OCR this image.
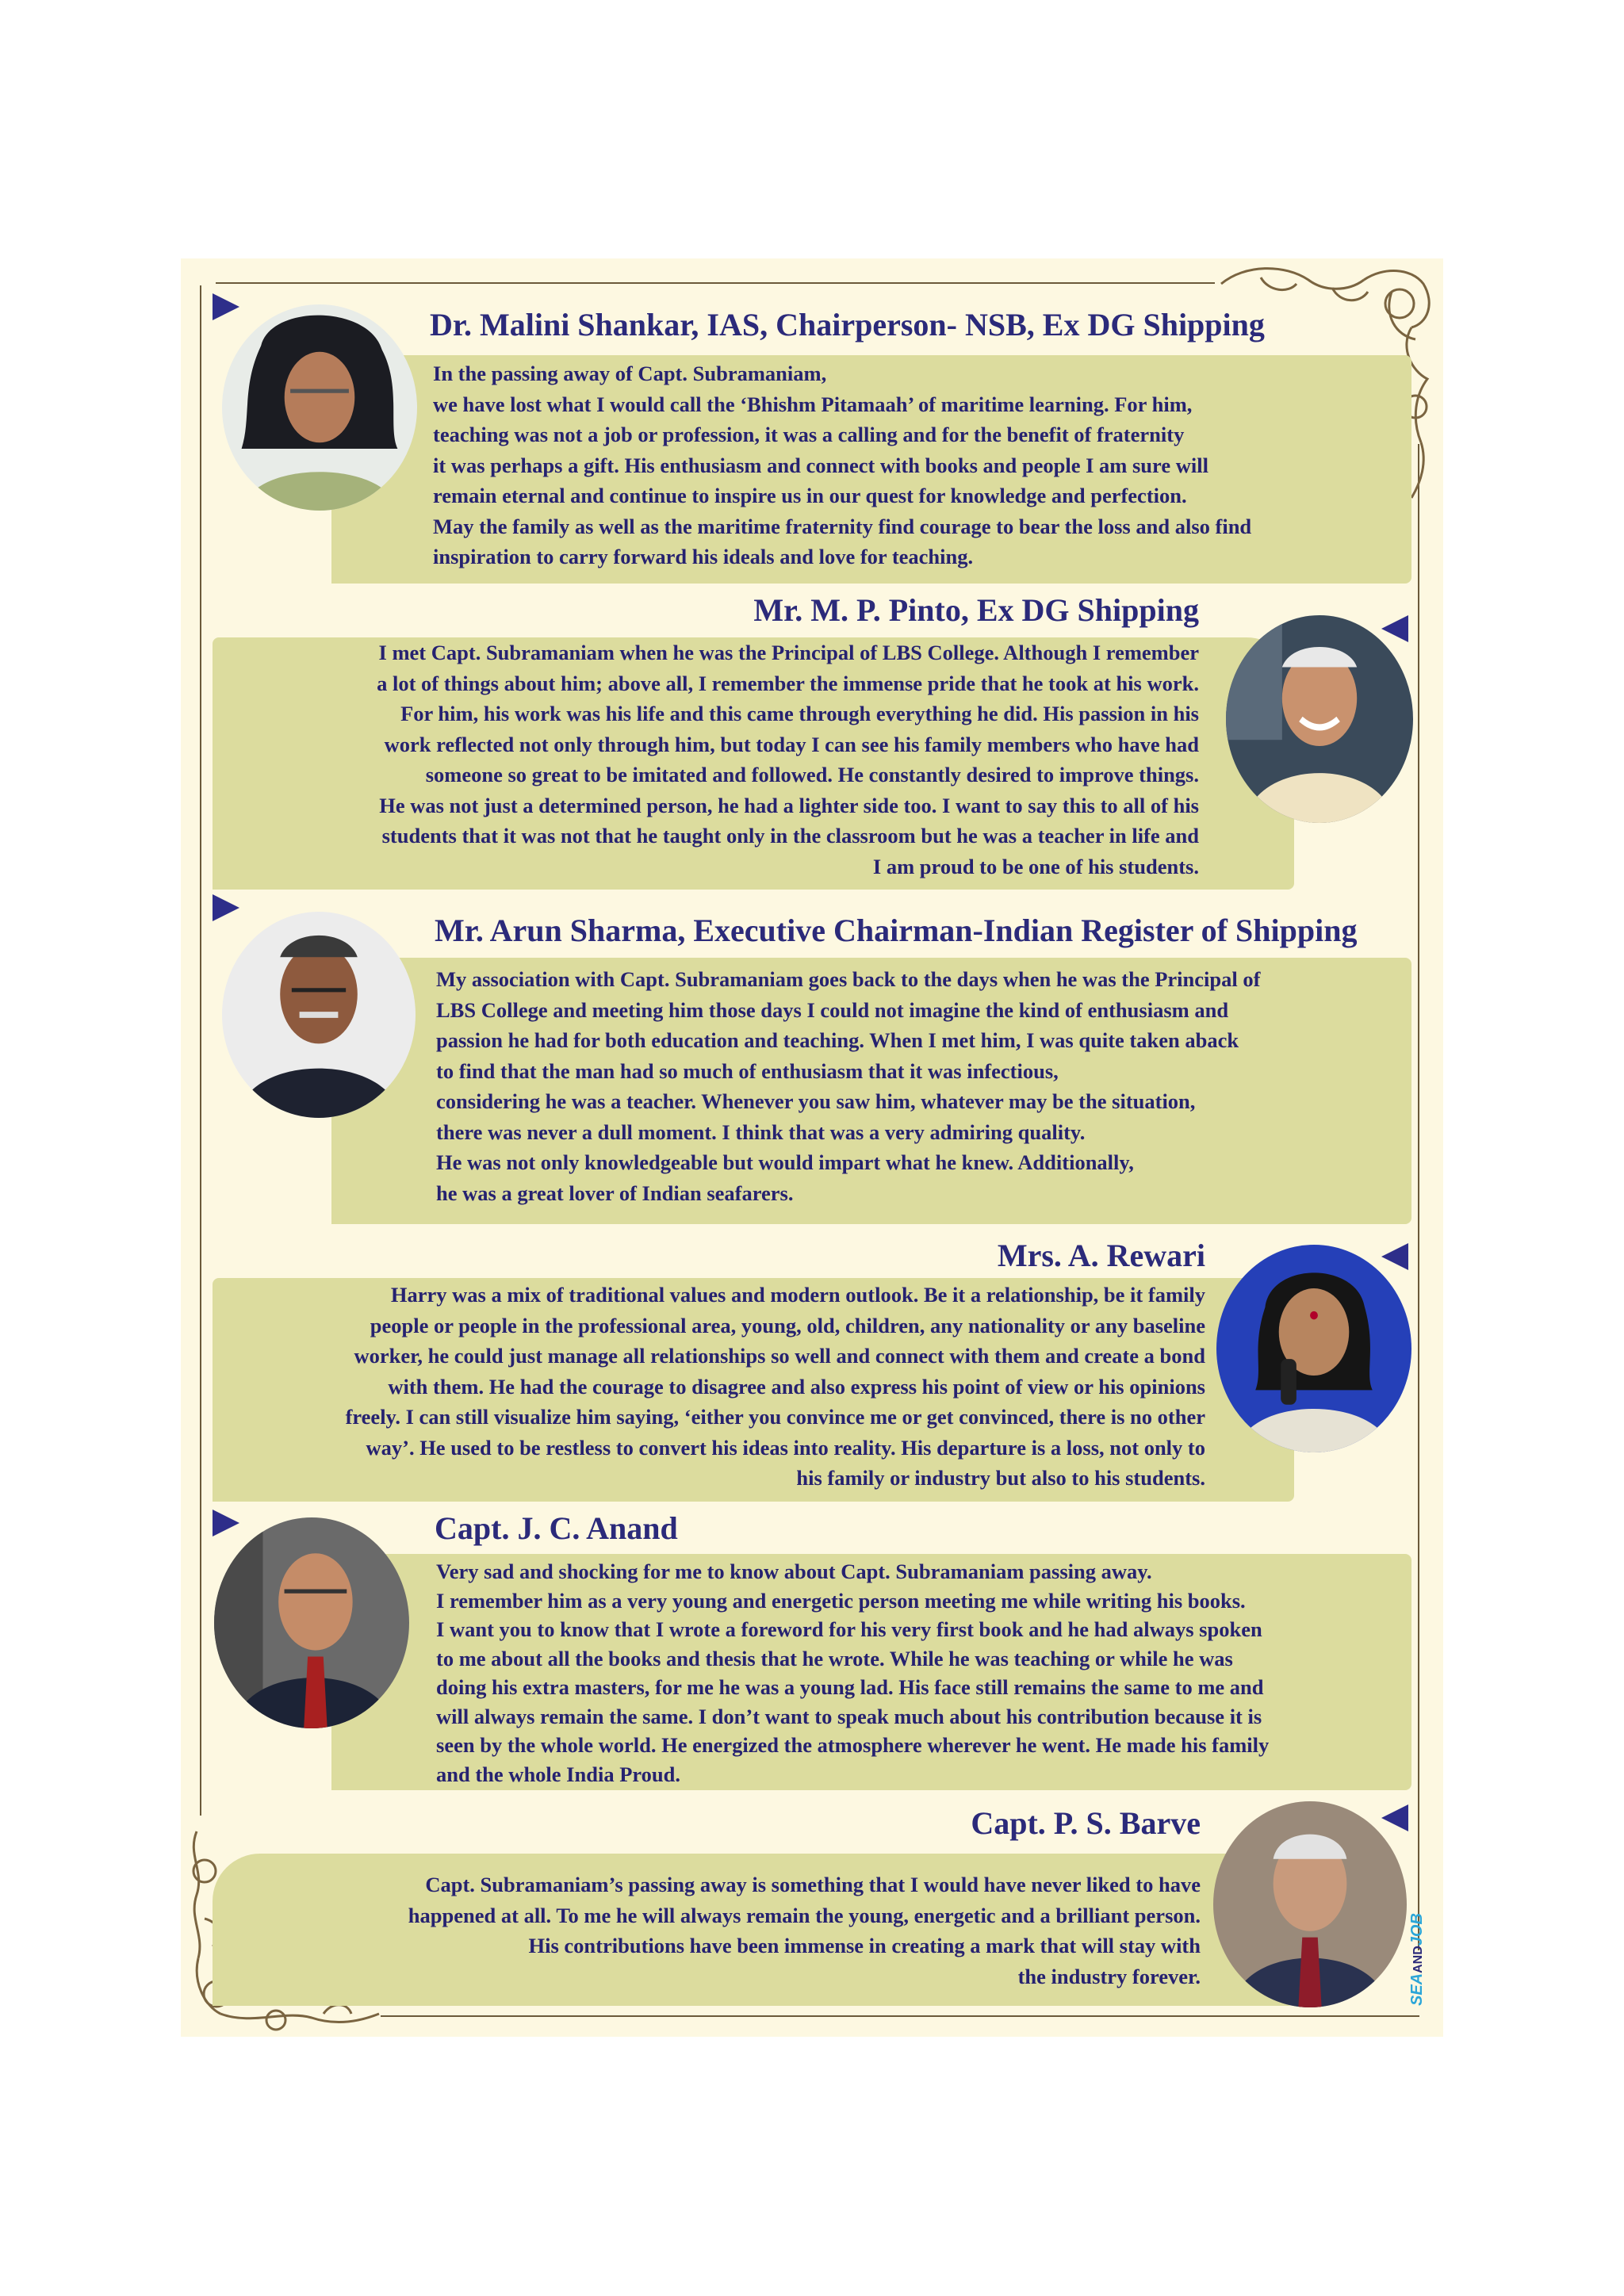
Dr. Malini Shankar, IAS, Chairperson- NSB, Ex DG Shipping
In the passing away of Capt. Subramaniam,
we have lost what I would call the ‘Bhishm Pitamaah’ of maritime learning. For him,
teaching was not a job or profession, it was a calling and for the benefit of fraternity
it was perhaps a gift. His enthusiasm and connect with books and people I am sure will
remain eternal and continue to inspire us in our quest for knowledge and perfection.
May the family as well as the maritime fraternity find courage to bear the loss and also find
inspiration to carry forward his ideals and love for teaching.
Mr. M. P. Pinto, Ex DG Shipping
I met Capt. Subramaniam when he was the Principal of LBS College. Although I remember
a lot of things about him; above all, I remember the immense pride that he took at his work.
For him, his work was his life and this came through everything he did. His passion in his
work reflected not only through him, but today I can see his family members who have had
someone so great to be imitated and followed. He constantly desired to improve things.
He was not just a determined person, he had a lighter side too. I want to say this to all of his
students that it was not that he taught only in the classroom but he was a teacher in life and
I am proud to be one of his students.
Mr. Arun Sharma, Executive Chairman-Indian Register of Shipping
My association with Capt. Subramaniam goes back to the days when he was the Principal of
LBS College and meeting him those days I could not imagine the kind of enthusiasm and
passion he had for both education and teaching. When I met him, I was quite taken aback
to find that the man had so much of enthusiasm that it was infectious,
considering he was a teacher. Whenever you saw him, whatever may be the situation,
there was never a dull moment. I think that was a very admiring quality.
He was not only knowledgeable but would impart what he knew. Additionally,
he was a great lover of Indian seafarers.
Mrs. A. Rewari
Harry was a mix of traditional values and modern outlook. Be it a relationship, be it family
people or people in the professional area, young, old, children, any nationality or any baseline
worker, he could just manage all relationships so well and connect with them and create a bond
with them. He had the courage to disagree and also express his point of view or his opinions
freely. I can still visualize him saying, ‘either you convince me or get convinced, there is no other
way’. He used to be restless to convert his ideas into reality. His departure is a loss, not only to
his family or industry but also to his students.
Capt. J. C. Anand
Very sad and shocking for me to know about Capt. Subramaniam passing away.
I remember him as a very young and energetic person meeting me while writing his books.
I want you to know that I wrote a foreword for his very first book and he had always spoken
to me about all the books and thesis that he wrote. While he was teaching or while he was
doing his extra masters, for me he was a young lad. His face still remains the same to me and
will always remain the same. I don’t want to speak much about his contribution because it is
seen by the whole world. He energized the atmosphere wherever he went. He made his family
and the whole India Proud.
Capt. P. S. Barve
Capt. Subramaniam’s passing away is something that I would have never liked to have
happened at all. To me he will always remain the young, energetic and a brilliant person.
His contributions have been immense in creating a mark that will stay with
the industry forever.	SEAANDJOB
